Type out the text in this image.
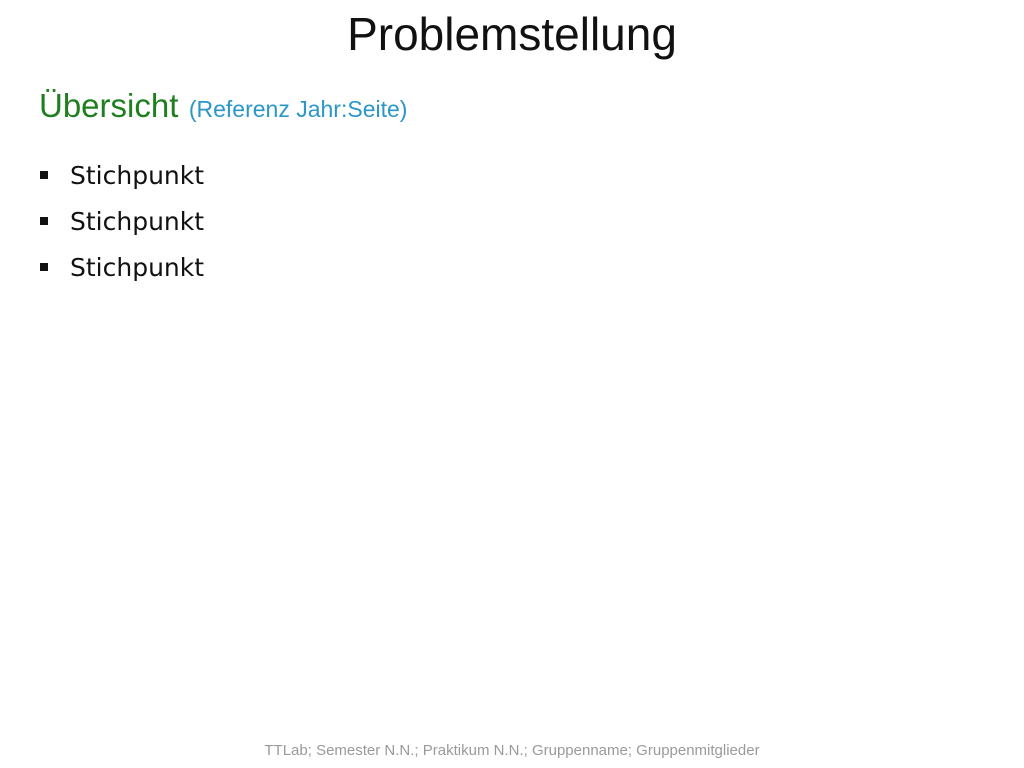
Problemstellung
Übersicht (Referenz Jahr:Seite)
Stichpunkt
Stichpunkt
Stichpunkt
TTLab; Semester N.N.; Praktikum N.N.; Gruppenname; Gruppenmitglieder
